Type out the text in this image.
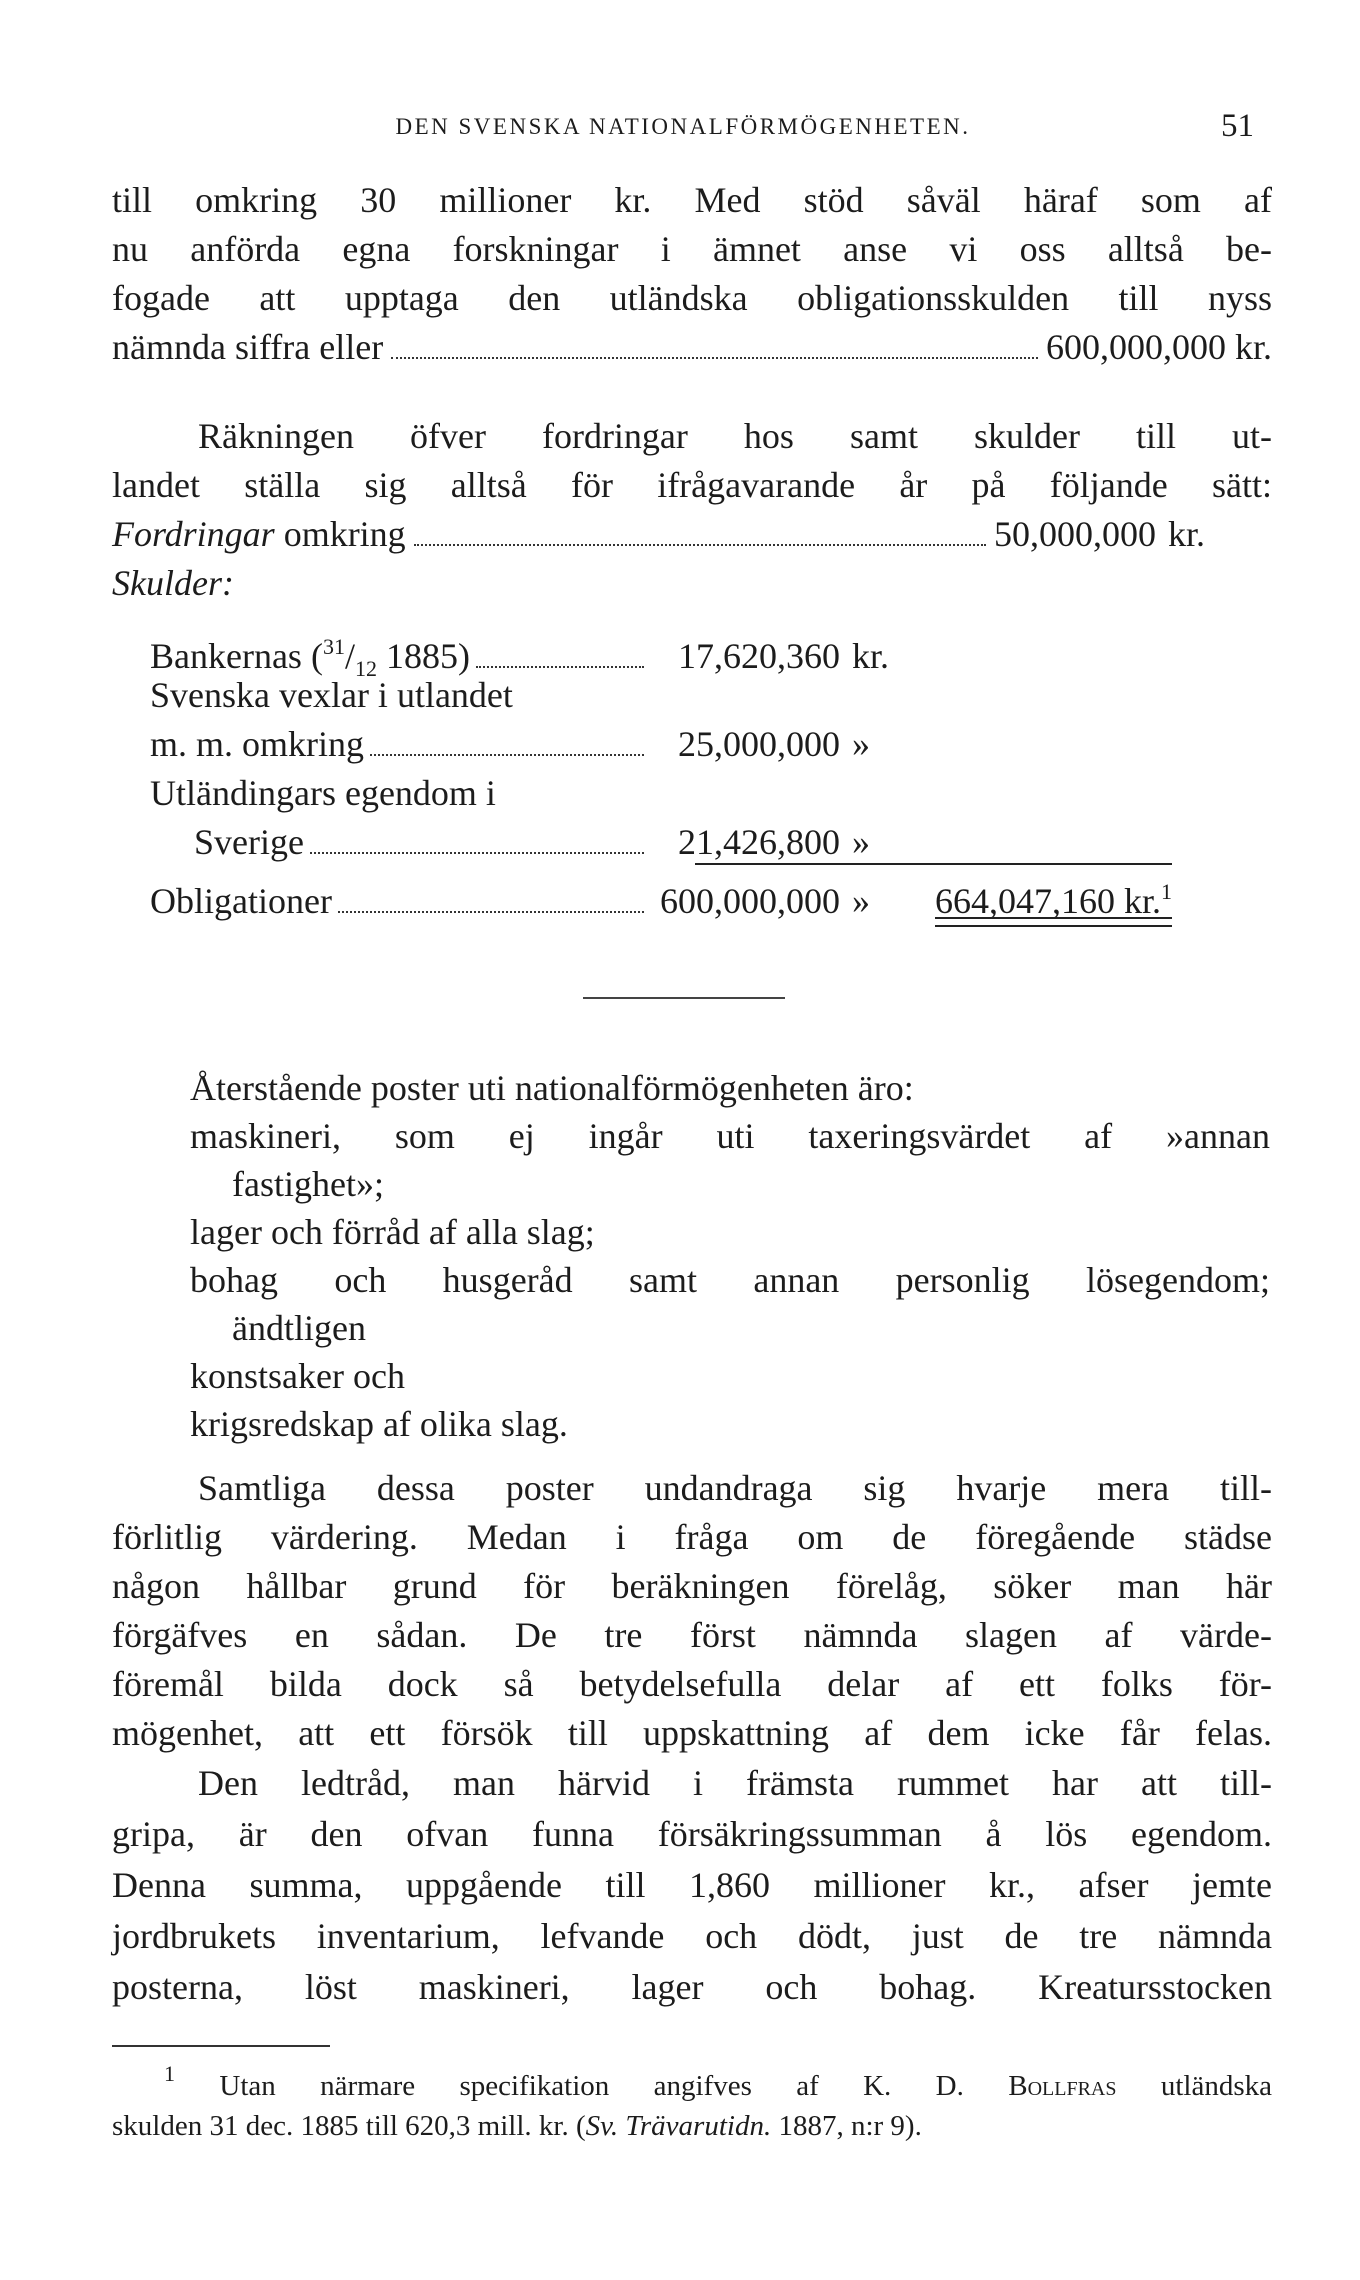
DEN SVENSKA NATIONALFÖRMÖGENHETEN.	51
till omkring 30 millioner kr. Med stöd såväl häraf som af
nu anförda egna forskningar i ämnet anse vi oss alltså be-
fogade att upptaga den utländska obligationsskulden till nyss
nämnda siffra eller	600,000,000 kr.
Räkningen öfver fordringar hos samt skulder till ut-
landet ställa sig alltså för ifrågavarande år på följande sätt:
Fordringar omkring	50,000,000 kr.
Skulder:
Bankernas ($^{31}/_{12}$ 1885)	17,620,360 kr.
Svenska vexlar i utlandet
m. m. omkring	25,000,000 »
Utländingars egendom i
Sverige	21,426,800 »
Obligationer	600,000,000 »	664,047,160 kr.$^1$
Återstående poster uti nationalförmögenheten äro:
maskineri, som ej ingår uti taxeringsvärdet af »annan
fastighet»;
lager och förråd af alla slag;
bohag och husgeråd samt annan personlig lösegendom;
ändtligen
konstsaker och
krigsredskap af olika slag.
Samtliga dessa poster undandraga sig hvarje mera till-
förlitlig värdering. Medan i fråga om de föregående städse
någon hållbar grund för beräkningen förelåg, söker man här
förgäfves en sådan. De tre först nämnda slagen af värde-
föremål bilda dock så betydelsefulla delar af ett folks för-
mögenhet, att ett försök till uppskattning af dem icke får felas.
Den ledtråd, man härvid i främsta rummet har att till-
gripa, är den ofvan funna försäkringssumman å lös egendom.
Denna summa, uppgående till 1,860 millioner kr., afser jemte
jordbrukets inventarium, lefvande och dödt, just de tre nämnda
posterna, löst maskineri, lager och bohag. Kreatursstocken
$^1$ Utan närmare specifikation angifves af K. D. Bollfras utländska
skulden 31 dec. 1885 till 620,3 mill. kr. (Sv. Trävarutidn. 1887, n:r 9).
